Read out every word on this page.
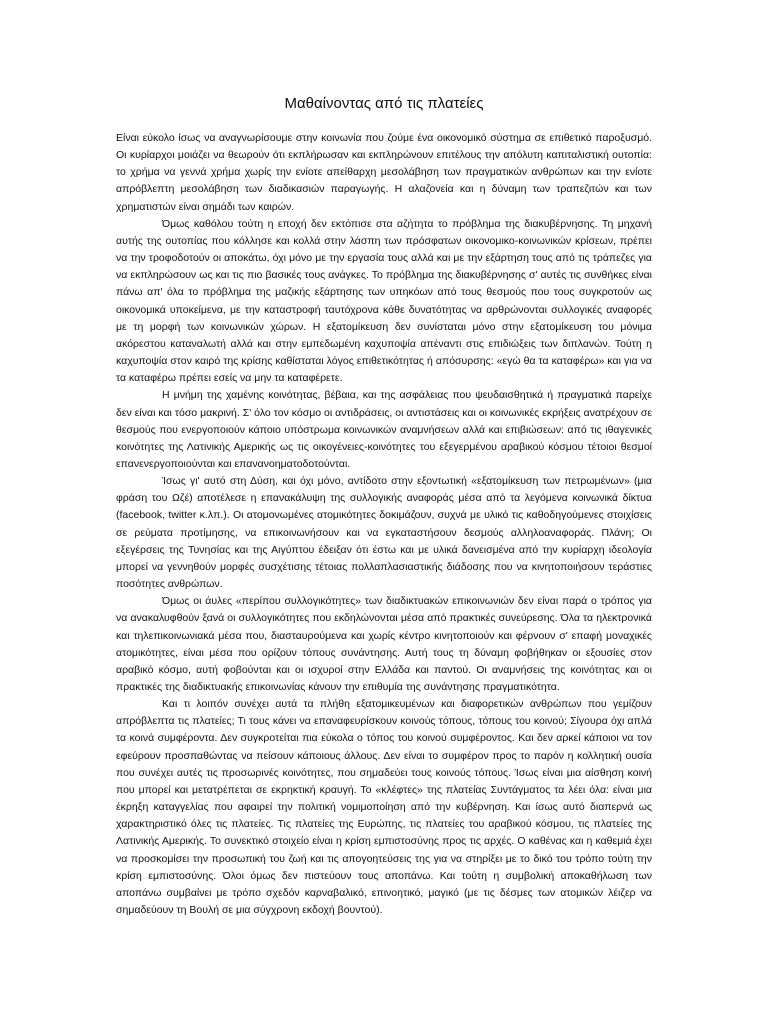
Μαθαίνοντας από τις πλατείες

Είναι εύκολο ίσως να αναγνωρίσουμε στην κοινωνία που ζούμε ένα οικονομικό σύστημα σε επιθετικό παροξυσμό. Οι κυρίαρχοι μοιάζει να θεωρούν ότι εκπλήρωσαν και εκπληρώνουν επιτέλους την απόλυτη καπιταλιστική ουτοπία: το χρήμα να γεννά χρήμα χωρίς την ενίοτε απείθαρχη μεσολάβηση των πραγματικών ανθρώπων και την ενίοτε απρόβλεπτη μεσολάβηση των διαδικασιών παραγωγής. Η αλαζονεία και η δύναμη των τραπεζιτών και των χρηματιστών είναι σημάδι των καιρών.

Όμως καθόλου τούτη η εποχή δεν εκτόπισε στα αζήτητα το πρόβλημα της διακυβέρνησης. Τη μηχανή αυτής της ουτοπίας που κόλλησε και κολλά στην λάσπη των πρόσφατων οικονομικο-κοινωνικών κρίσεων, πρέπει να την τροφοδοτούν οι αποκάτω, όχι μόνο με την εργασία τους αλλά και με την εξάρτηση τους από τις τράπεζες για να εκπληρώσουν ως και τις πιο βασικές τους ανάγκες. Το πρόβλημα της διακυβέρνησης σ' αυτές τις συνθήκες είναι πάνω απ' όλα το πρόβλημα της μαζικής εξάρτησης των υπηκόων από τους θεσμούς που τους συγκροτούν ως οικονομικά υποκείμενα, με την καταστροφή ταυτόχρονα κάθε δυνατότητας να αρθρώνονται συλλογικές αναφορές με τη μορφή των κοινωνικών χώρων. Η εξατομίκευση δεν συνίσταται μόνο στην εξατομίκευση του μόνιμα ακόρεστου καταναλωτή αλλά και στην εμπεδωμένη καχυποψία απέναντι στις επιδιώξεις των διπλανών. Τούτη η καχυποψία στον καιρό της κρίσης καθίσταται λόγος επιθετικότητας ή απόσυρσης: «εγώ θα τα καταφέρω» και για να τα καταφέρω πρέπει εσείς να μην τα καταφέρετε.

Η μνήμη της χαμένης κοινότητας, βέβαια, και της ασφάλειας που ψευδαισθητικά ή πραγματικά παρείχε δεν είναι και τόσο μακρινή. Σ' όλο τον κόσμο οι αντιδράσεις, οι αντιστάσεις και οι κοινωνικές εκρήξεις ανατρέχουν σε θεσμούς που ενεργοποιούν κάποιο υπόστρωμα κοινωνικών αναμνήσεων αλλά και επιβιώσεων: από τις ιθαγενικές κοινότητες της Λατινικής Αμερικής ως τις οικογένειες-κοινότητες του εξεγερμένου αραβικού κόσμου τέτοιοι θεσμοί επανενεργοποιούνται και επανανοηματοδοτούνται.

Ίσως γι' αυτό στη Δύση, και όχι μόνο, αντίδοτο στην εξοντωτική «εξατομίκευση των πετρωμένων» (μια φράση του Ωζέ) αποτέλεσε η επανακάλυψη της συλλογικής αναφοράς μέσα από τα λεγόμενα κοινωνικά δίκτυα (facebook, twitter κ.λπ.). Οι ατομονωμένες ατομικότητες δοκιμάζουν, συχνά με υλικό τις καθοδηγούμενες στοιχίσεις σε ρεύματα προτίμησης, να επικοινωνήσουν και να εγκαταστήσουν δεσμούς αλληλοαναφοράς. Πλάνη; Οι εξεγέρσεις της Τυνησίας και της Αιγύπτου έδειξαν ότι έστω και με υλικά δανεισμένα από την κυρίαρχη ιδεολογία μπορεί να γεννηθούν μορφές συσχέτισης τέτοιας πολλαπλασιαστικής διάδοσης που να κινητοποιήσουν τεράστιες ποσότητες ανθρώπων.

Όμως οι άυλες «περίπου συλλογικότητες» των διαδικτυακών επικοινωνιών δεν είναι παρά ο τρόπος για να ανακαλυφθούν ξανά οι συλλογικότητες που εκδηλώνονται μέσα από πρακτικές συνεύρεσης. Όλα τα ηλεκτρονικά και τηλεπικοινωνιακά μέσα που, διασταυρούμενα και χωρίς κέντρο κινητοποιούν και φέρνουν σ' επαφή μοναχικές ατομικότητες, είναι μέσα που ορίζουν τόπους συνάντησης. Αυτή τους τη δύναμη φοβήθηκαν οι εξουσίες στον αραβικό κόσμο, αυτή φοβούνται και οι ισχυροί στην Ελλάδα και παντού. Οι αναμνήσεις της κοινότητας και οι πρακτικές της διαδικτυακής επικοινωνίας κάνουν την επιθυμία της συνάντησης πραγματικότητα.

Και τι λοιπόν συνέχει αυτά τα πλήθη εξατομικευμένων και διαφορετικών ανθρώπων που γεμίζουν απρόβλεπτα τις πλατείες; Τι τους κάνει να επαναφευρίσκουν κοινούς τόπους, τόπους του κοινού; Σίγουρα όχι απλά τα κοινά συμφέροντα. Δεν συγκροτείται πια εύκολα ο τόπος του κοινού συμφέροντος. Και δεν αρκεί κάποιοι να τον εφεύρουν προσπαθώντας να πείσουν κάποιους άλλους. Δεν είναι το συμφέρον προς το παρόν η κολλητική ουσία που συνέχει αυτές τις προσωρινές κοινότητες, που σημαδεύει τους κοινούς τόπους. Ίσως είναι μια αίσθηση κοινή που μπορεί και μετατρέπεται σε εκρηκτική κραυγή. Το «κλέφτες» της πλατείας Συντάγματος τα λέει όλα: είναι μια έκρηξη καταγγελίας που αφαιρεί την πολιτική νομιμοποίηση από την κυβέρνηση. Και ίσως αυτό διαπερνά ως χαρακτηριστικό όλες τις πλατείες. Τις πλατείες της Ευρώπης, τις πλατείες του αραβικού κόσμου, τις πλατείες της Λατινικής Αμερικής. Το συνεκτικό στοιχείο είναι η κρίση εμπιστοσύνης προς τις αρχές. Ο καθένας και η καθεμιά έχει να προσκομίσει την προσωπική του ζωή και τις απογοητεύσεις της για να στηρίξει με το δικό του τρόπο τούτη την κρίση εμπιστοσύνης. Όλοι όμως δεν πιστεύουν τους αποπάνω. Και τούτη η συμβολική αποκαθήλωση των αποπάνω συμβαίνει με τρόπο σχεδόν καρναβαλικό, επινοητικό, μαγικό (με τις δέσμες των ατομικών λέιζερ να σημαδεύουν τη Βουλή σε μια σύγχρονη εκδοχή βουντού).
